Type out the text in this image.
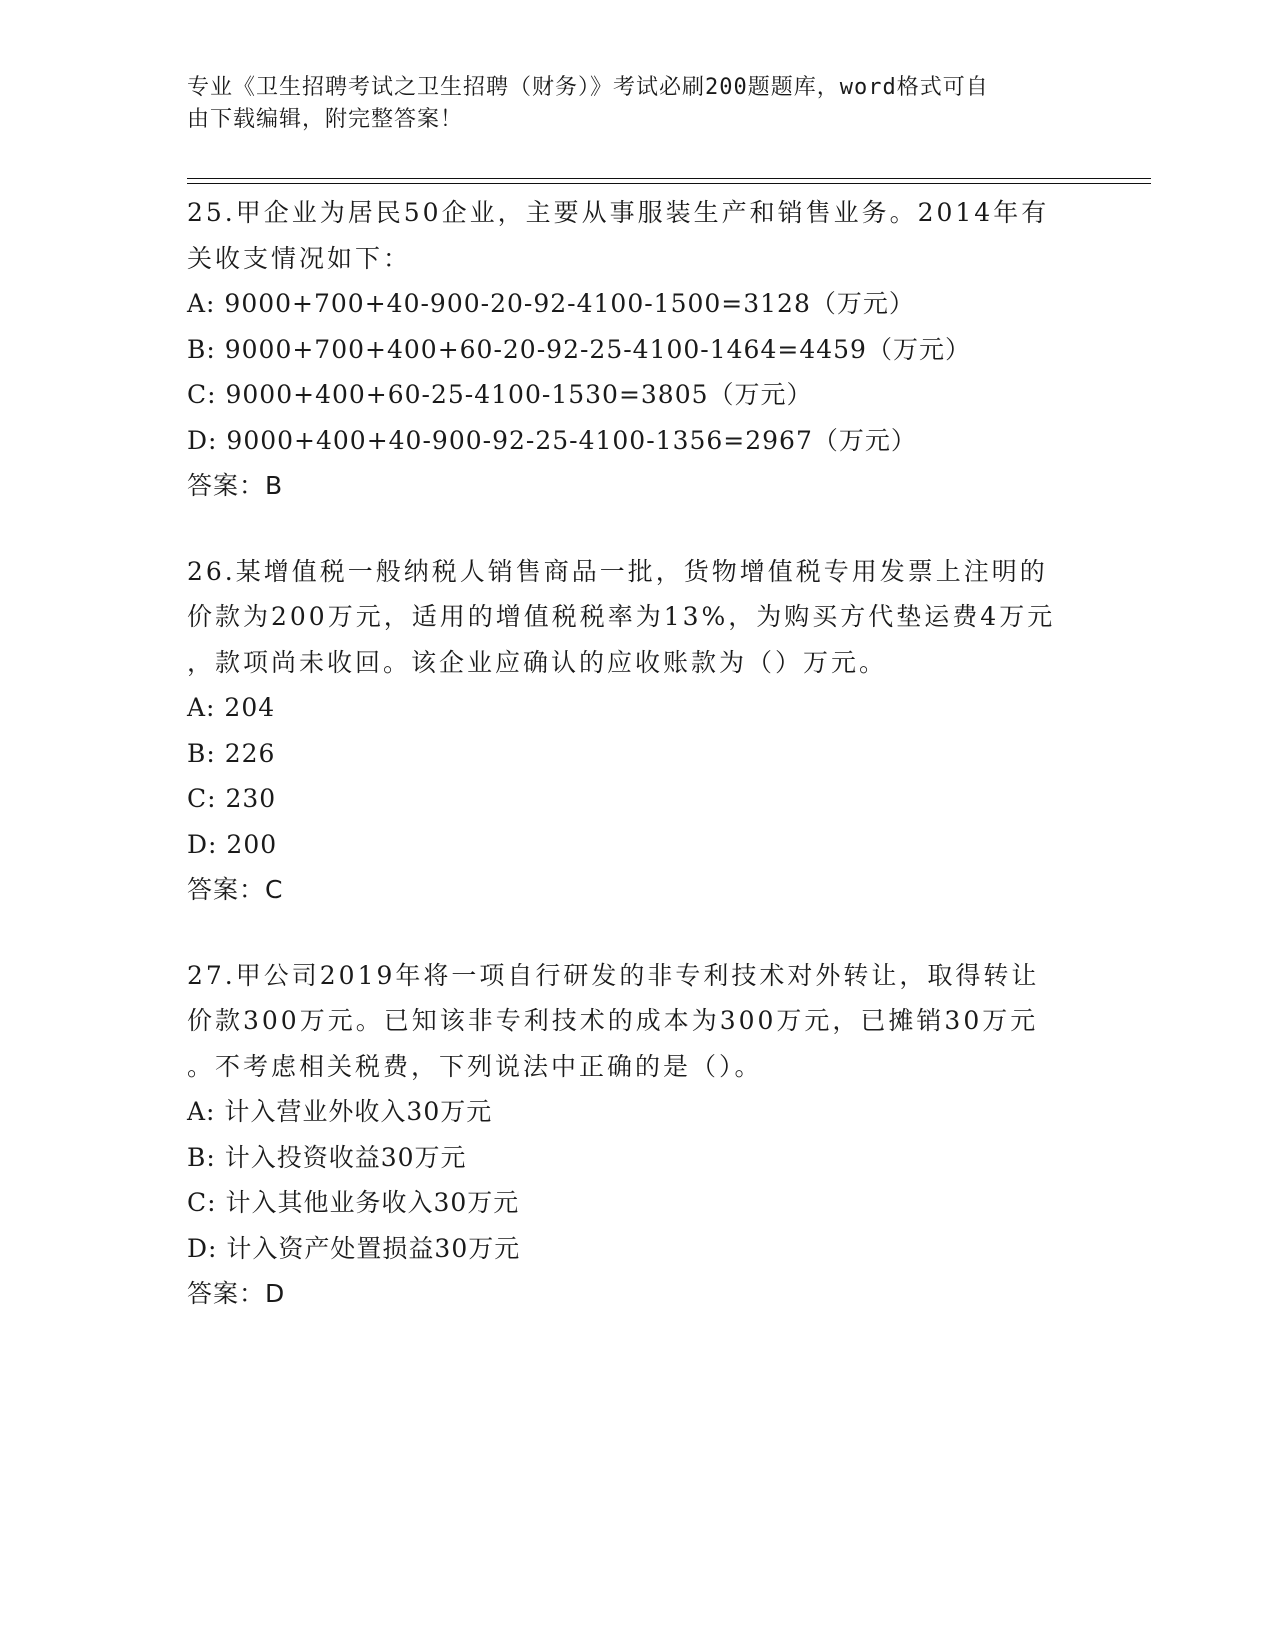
专业《卫生招聘考试之卫生招聘（财务）》考试必刷200题题库，word格式可自
由下载编辑，附完整答案！
25.甲企业为居民50企业，主要从事服装生产和销售业务。2014年有
关收支情况如下：
A: 9000+700+40-900-20-92-4100-1500=3128（万元）
B: 9000+700+400+60-20-92-25-4100-1464=4459（万元）
C: 9000+400+60-25-4100-1530=3805（万元）
D: 9000+400+40-900-92-25-4100-1356=2967（万元）
答案：B
26.某增值税一般纳税人销售商品一批，货物增值税专用发票上注明的
价款为200万元，适用的增值税税率为13%，为购买方代垫运费4万元
，款项尚未收回。该企业应确认的应收账款为（）万元。
A: 204
B: 226
C: 230
D: 200
答案：C
27.甲公司2019年将一项自行研发的非专利技术对外转让，取得转让
价款300万元。已知该非专利技术的成本为300万元，已摊销30万元
。不考虑相关税费，下列说法中正确的是（）。
A: 计入营业外收入30万元
B: 计入投资收益30万元
C: 计入其他业务收入30万元
D: 计入资产处置损益30万元
答案：D
